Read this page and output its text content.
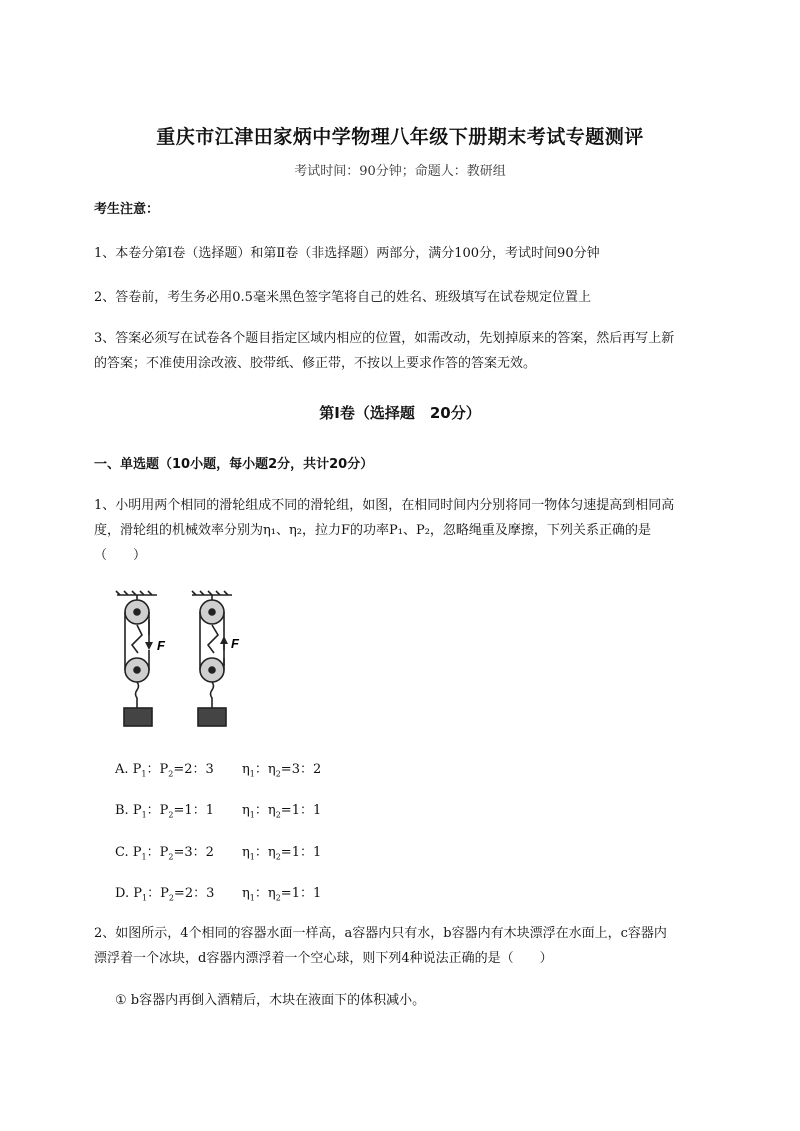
重庆市江津田家炳中学物理八年级下册期末考试专题测评
考试时间：90分钟；命题人：教研组
考生注意：
1、本卷分第I卷（选择题）和第Ⅱ卷（非选择题）两部分，满分100分，考试时间90分钟
2、答卷前，考生务必用0.5毫米黑色签字笔将自己的姓名、班级填写在试卷规定位置上
3、答案必须写在试卷各个题目指定区域内相应的位置，如需改动，先划掉原来的答案，然后再写上新
的答案；不准使用涂改液、胶带纸、修正带，不按以上要求作答的答案无效。
第I卷（选择题　20分）
一、单选题（10小题，每小题2分，共计20分）
1、小明用两个相同的滑轮组成不同的滑轮组，如图，在相同时间内分别将同一物体匀速提高到相同高
度，滑轮组的机械效率分别为η₁、η₂，拉力F的功率P₁、P₂，忽略绳重及摩擦，下列关系正确的是
（　　）
F	F
A. $P_1$：$P_2=2$：3 $\eta_1$：$\eta_2=3$：2
B. $P_1$：$P_2=1$：1 $\eta_1$：$\eta_2=1$：1
C. $P_1$：$P_2=3$：2 $\eta_1$：$\eta_2=1$：1
D. $P_1$：$P_2=2$：3 $\eta_1$：$\eta_2=1$：1
2、如图所示，4个相同的容器水面一样高，a容器内只有水，b容器内有木块漂浮在水面上，c容器内
漂浮着一个冰块，d容器内漂浮着一个空心球，则下列4种说法正确的是（　　）
① b容器内再倒入酒精后，木块在液面下的体积减小。
